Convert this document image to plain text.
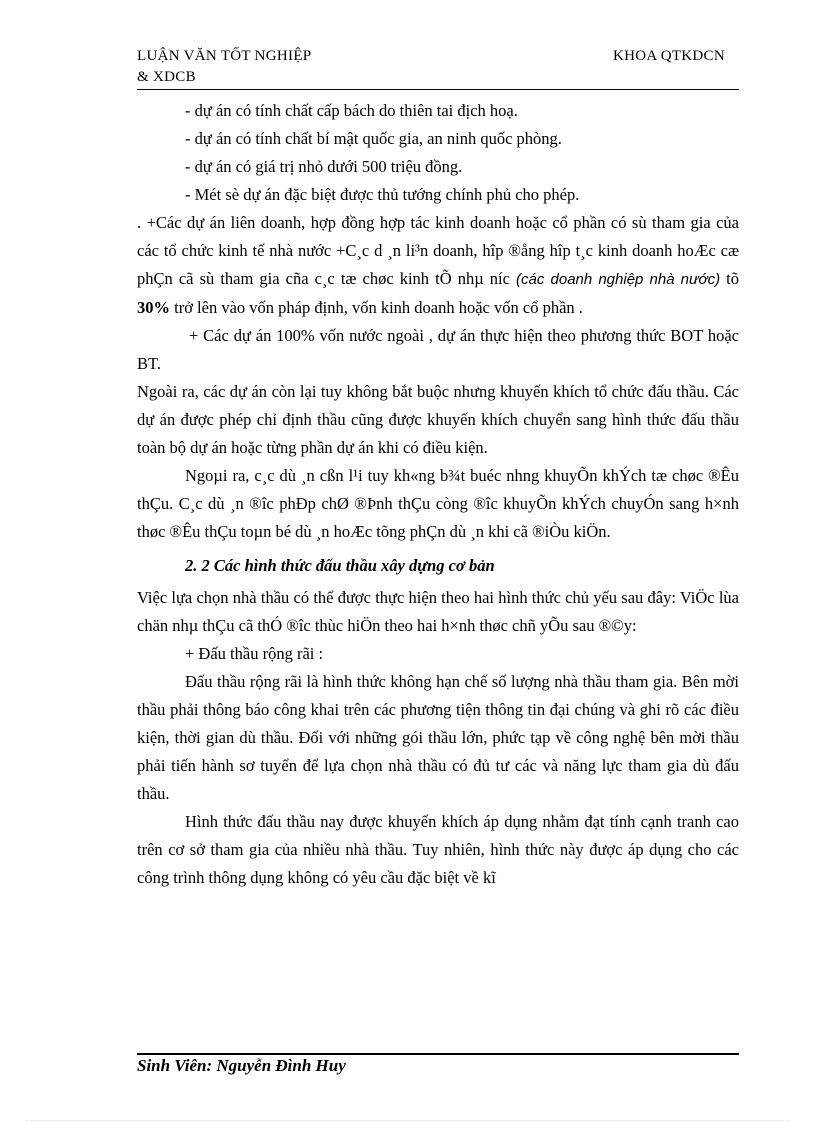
LUẬN VĂN TỐT NGHIỆP
& XDCB
KHOA QTKDCN

- dự án có tính chất cấp bách do thiên tai địch hoạ.

- dự án có tính chất bí mật quốc gia, an ninh quốc phòng.

- dự án có giá trị nhỏ dưới 500 triệu đồng.

- Mét sè dự án đặc biệt được thủ tướng chính phủ cho phép.

. +Các dự án liên doanh, hợp đồng hợp tác kinh doanh hoặc cổ phần có sù tham gia của các tổ chức kinh tế nhà nước +C¸c d ¸n li³n doanh, hîp ®ång hîp t¸c kinh doanh hoÆc cæ phÇn cã sù tham gia cña c¸c tæ chøc kinh tÕ nhµ níc (các doanh nghiệp nhà nước) tõ 30% trở lên vào vốn pháp định, vốn kinh doanh hoặc vốn cổ phần .

+ Các dự án 100% vốn nước ngoài , dự án thực hiện theo phương thức BOT hoặc BT.

Ngoài ra, các dự án còn lại tuy không bắt buộc nhưng khuyến khích tổ chức đấu thầu. Các dự án được phép chỉ định thầu cũng được khuyến khích chuyển sang hình thức đấu thầu toàn bộ dự án hoặc từng phần dự án khi có điều kiện.

Ngoµi ra, c¸c dù ¸n cßn l¹i tuy kh«ng b¾t buéc nhng khuyÕn khÝch tæ chøc ®Êu thÇu. C¸c dù ¸n ®îc phÐp chØ ®Þnh thÇu còng ®îc khuyÕn khÝch chuyÓn sang h×nh thøc ®Êu thÇu toµn bé dù ¸n hoÆc tõng phÇn dù ¸n khi cã ®iÒu kiÖn.

2. 2 Các hình thức đấu thầu xây dựng cơ bản

Việc lựa chọn nhà thầu có thể được thực hiện theo hai hình thức chủ yếu sau đây: ViÖc lùa chän nhµ thÇu cã thÓ ®îc thùc hiÖn theo hai h×nh thøc chñ yÕu sau ®©y:

+ Đấu thầu rộng rãi :

Đấu thầu rộng rãi là hình thức không hạn chế số lượng nhà thầu tham gia. Bên mời thầu phải thông báo công khai trên các phương tiện thông tin đại chúng và ghi rõ các điều kiện, thời gian dù thầu. Đối với những gói thầu lớn, phức tạp về công nghệ bên mời thầu phải tiến hành sơ tuyển để lựa chọn nhà thầu có đủ tư các và năng lực tham gia dù đấu thầu.

Hình thức đấu thầu nay được khuyến khích áp dụng nhằm đạt tính cạnh tranh cao trên cơ sở tham gia của nhiều nhà thầu. Tuy nhiên, hình thức này được áp dụng cho các công trình thông dụng không có yêu cầu đặc biệt về kĩ

Sinh Viên: Nguyễn Đình Huy
